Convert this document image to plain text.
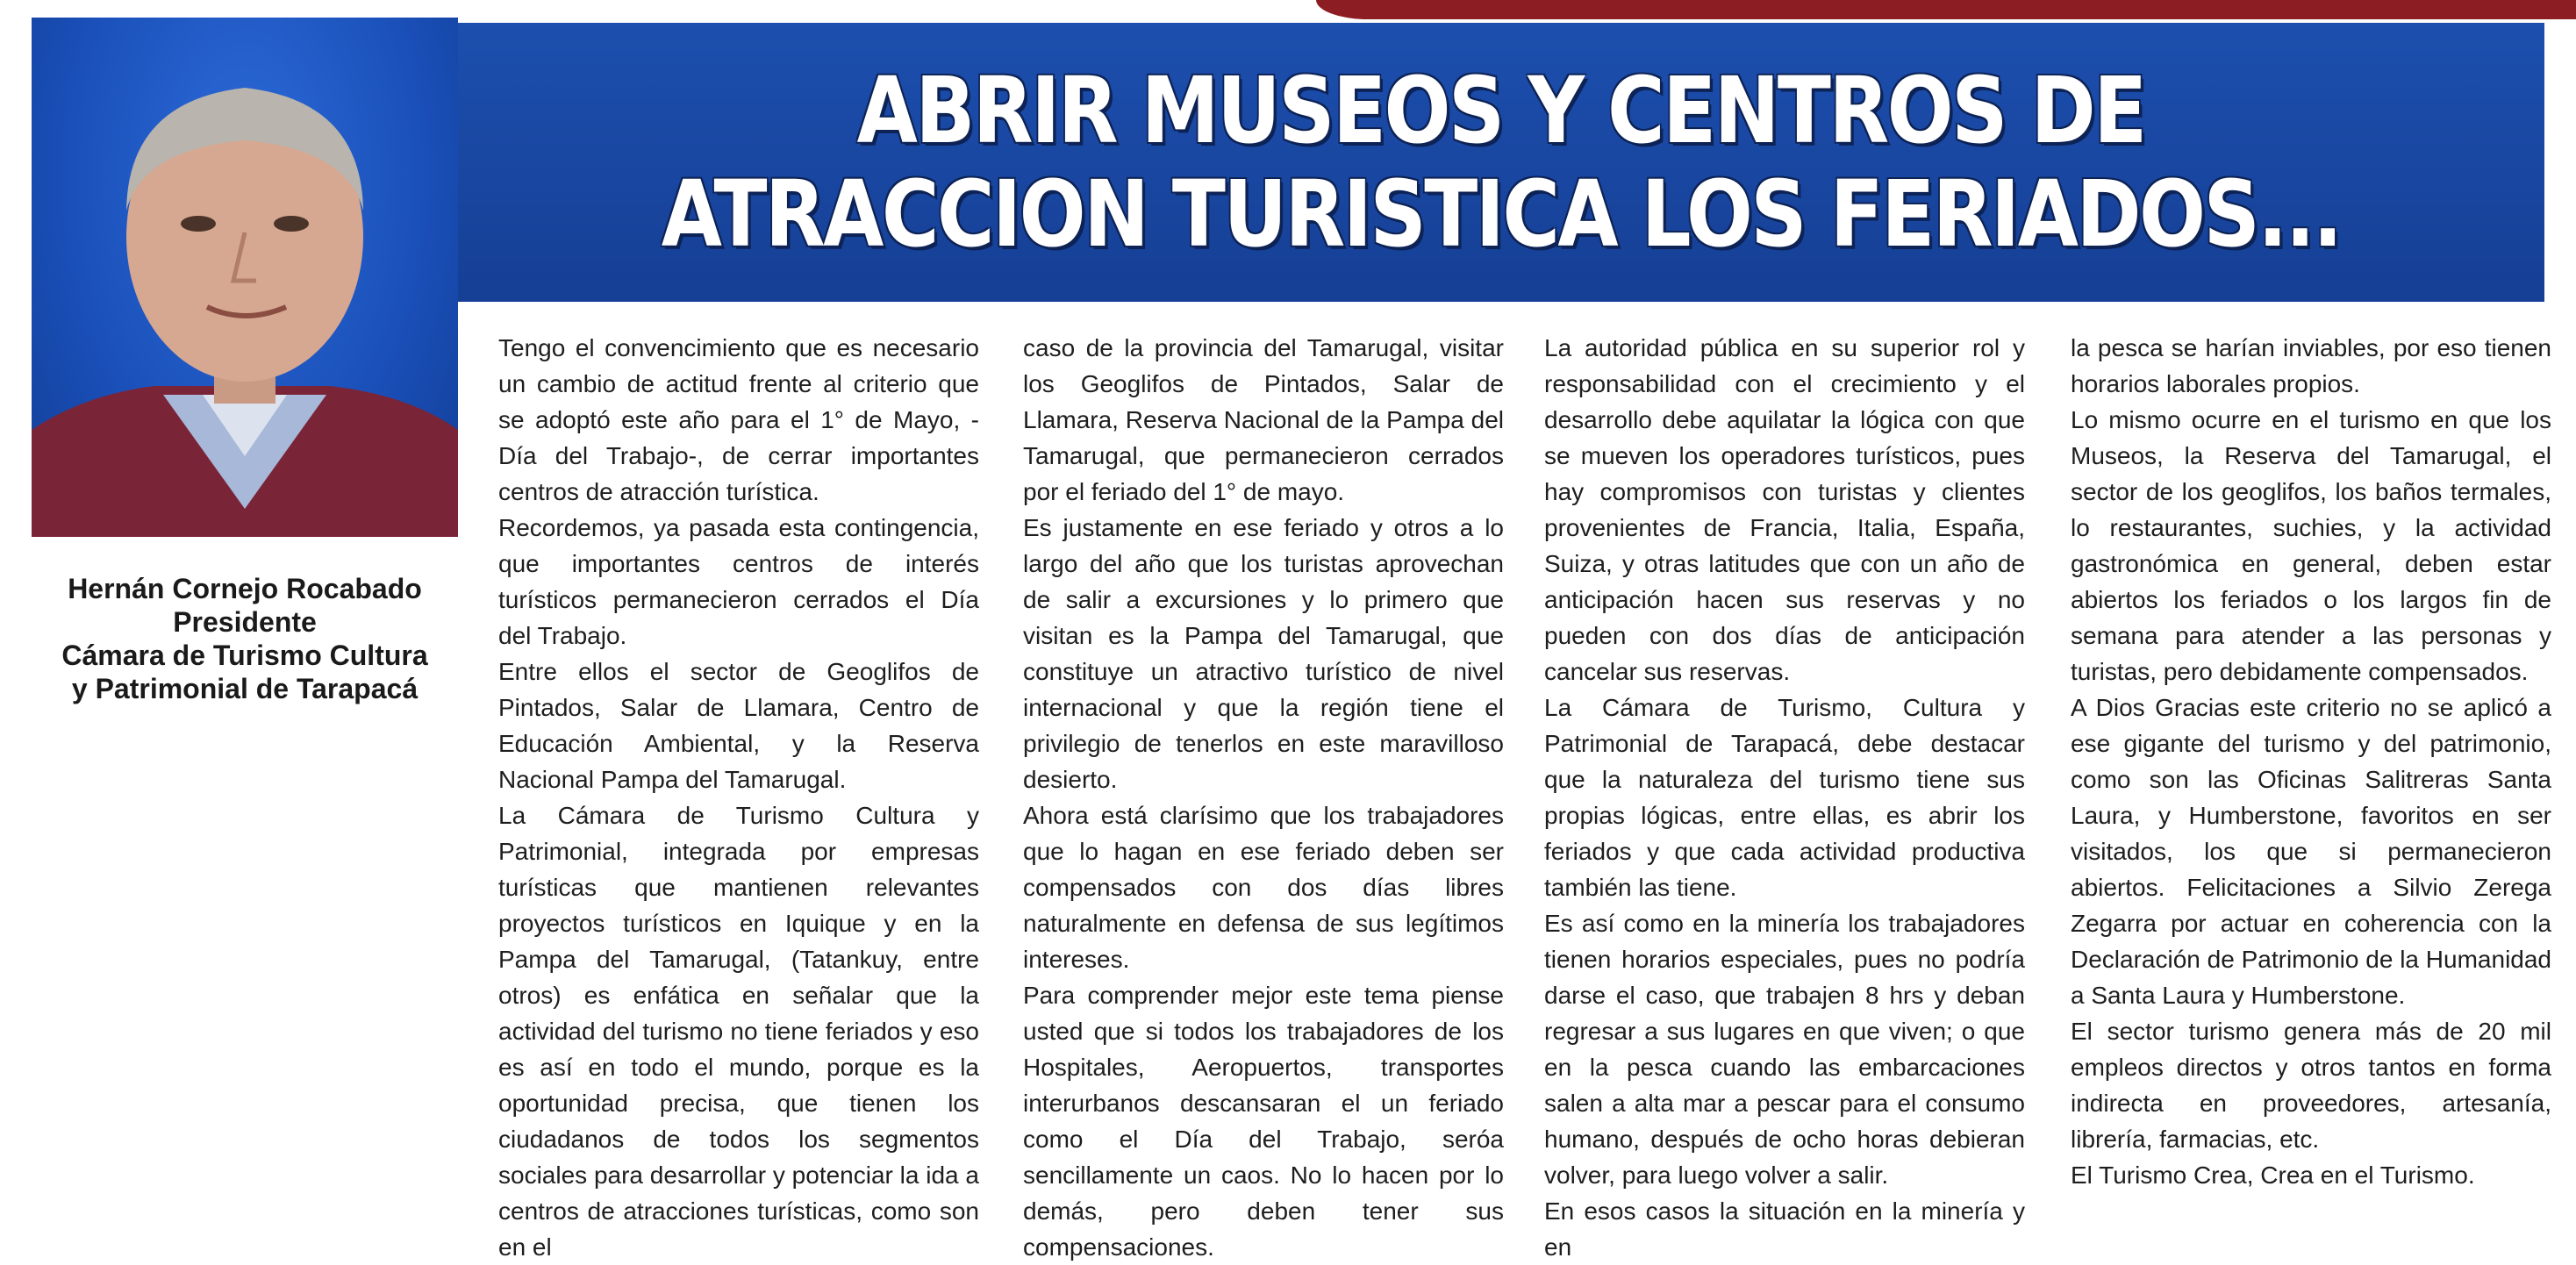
Hernán Cornejo Rocabado
Presidente
Cámara de Turismo Cultura
y Patrimonial de Tarapacá
ABRIR MUSEOS Y CENTROS DE
ATRACCION TURISTICA LOS FERIADOS...

Tengo el convencimiento que es necesario un cambio de actitud frente al criterio que se adoptó este año para el 1° de Mayo, -Día del Trabajo-, de cerrar importantes centros de atracción turística.

Recordemos, ya pasada esta contingencia, que importantes centros de interés turísticos permanecieron cerrados el Día del Trabajo.

Entre ellos el sector de Geoglifos de Pintados, Salar de Llamara, Centro de Educación Ambiental, y la Reserva Nacional Pampa del Tamarugal.

La Cámara de Turismo Cultura y Patrimonial, integrada por empresas turísticas que mantienen relevantes proyectos turísticos en Iquique y en la Pampa del Tamarugal, (Tatankuy, entre otros) es enfática en señalar que la actividad del turismo no tiene feriados y eso es así en todo el mundo, porque es la oportunidad precisa, que tienen los ciudadanos de todos los segmentos sociales para desarrollar y potenciar la ida a centros de atracciones turísticas, como son en el

caso de la provincia del Tamarugal, visitar los Geoglifos de Pintados, Salar de Llamara, Reserva Nacional de la Pampa del Tamarugal, que permanecieron cerrados por el feriado del 1° de mayo.

Es justamente en ese feriado y otros a lo largo del año que los turistas aprovechan de salir a excursiones y lo primero que visitan es la Pampa del Tamarugal, que constituye un atractivo turístico de nivel internacional y que la región tiene el privilegio de tenerlos en este maravilloso desierto.

Ahora está clarísimo que los trabajadores que lo hagan en ese feriado deben ser compensados con dos días libres naturalmente en defensa de sus legítimos intereses.

Para comprender mejor este tema piense usted que si todos los trabajadores de los Hospitales, Aeropuertos, transportes interurbanos descansaran el un feriado como el Día del Trabajo, seróa sencillamente un caos. No lo hacen por lo demás, pero deben tener sus compensaciones.

La autoridad pública en su superior rol y responsabilidad con el crecimiento y el desarrollo debe aquilatar la lógica con que se mueven los operadores turísticos, pues hay compromisos con turistas y clientes provenientes de Francia, Italia, España, Suiza, y otras latitudes que con un año de anticipación hacen sus reservas y no pueden con dos días de anticipación cancelar sus reservas.

La Cámara de Turismo, Cultura y Patrimonial de Tarapacá, debe destacar que la naturaleza del turismo tiene sus propias lógicas, entre ellas, es abrir los feriados y que cada actividad productiva también las tiene.

Es así como en la minería los trabajadores tienen horarios especiales, pues no podría darse el caso, que trabajen 8 hrs y deban regresar a sus lugares en que viven; o que en la pesca cuando las embarcaciones salen a alta mar a pescar para el consumo humano, después de ocho horas debieran volver, para luego volver a salir.

En esos casos la situación en la minería y en

la pesca se harían inviables, por eso tienen horarios laborales propios.

Lo mismo ocurre en el turismo en que los Museos, la Reserva del Tamarugal, el sector de los geoglifos, los baños termales, lo restaurantes, suchies, y la actividad gastronómica en general, deben estar abiertos los feriados o los largos fin de semana para atender a las personas y turistas, pero debidamente compensados.

A Dios Gracias este criterio no se aplicó a ese gigante del turismo y del patrimonio, como son las Oficinas Salitreras Santa Laura, y Humberstone, favoritos en ser visitados, los que si permanecieron abiertos. Felicitaciones a Silvio Zerega Zegarra por actuar en coherencia con la Declaración de Patrimonio de la Humanidad a Santa Laura y Humberstone.

El sector turismo genera más de 20 mil empleos directos y otros tantos en forma indirecta en proveedores, artesanía, librería, farmacias, etc.

El Turismo Crea, Crea en el Turismo.
